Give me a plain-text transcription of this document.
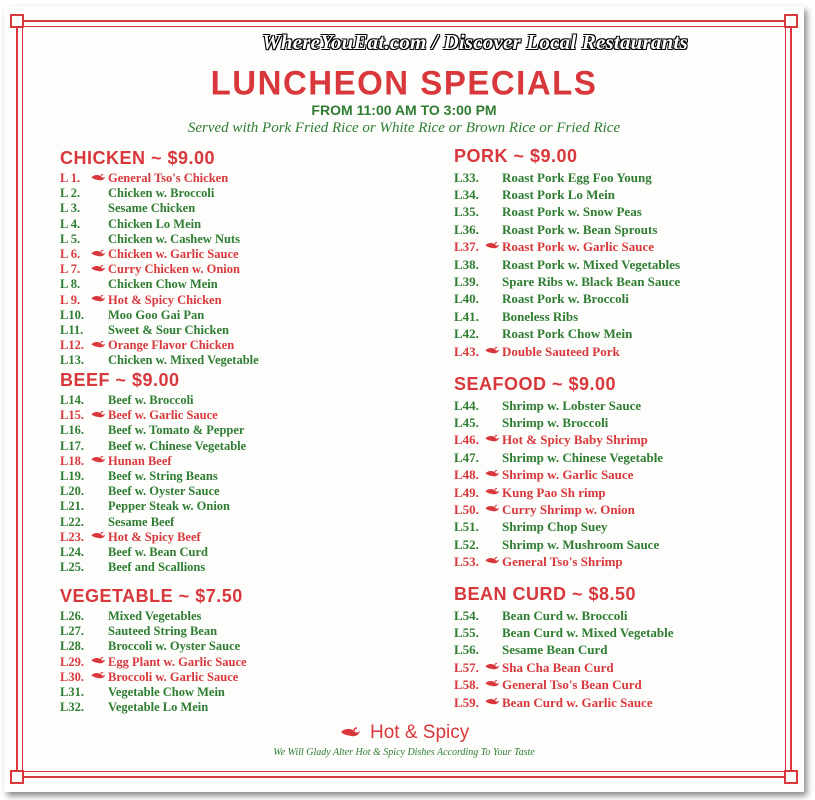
LUNCHEON SPECIALS
FROM 11:00 AM TO 3:00 PM
Served with Pork Fried Rice or White Rice or Brown Rice or Fried Rice
CHICKEN ~ $9.00
L 1.	General Tso's Chicken
L 2.	Chicken w. Broccoli
L 3.	Sesame Chicken
L 4.	Chicken Lo Mein
L 5.	Chicken w. Cashew Nuts
L 6.	Chicken w. Garlic Sauce
L 7.	Curry Chicken w. Onion
L 8.	Chicken Chow Mein
L 9.	Hot & Spicy Chicken
L10.	Moo Goo Gai Pan
L11.	Sweet & Sour Chicken
L12.	Orange Flavor Chicken
L13.	Chicken w. Mixed Vegetable
BEEF ~ $9.00
L14.	Beef w. Broccoli
L15.	Beef w. Garlic Sauce
L16.	Beef w. Tomato & Pepper
L17.	Beef w. Chinese Vegetable
L18.	Hunan Beef
L19.	Beef w. String Beans
L20.	Beef w. Oyster Sauce
L21.	Pepper Steak w. Onion
L22.	Sesame Beef
L23.	Hot & Spicy Beef
L24.	Beef w. Bean Curd
L25.	Beef and Scallions
VEGETABLE ~ $7.50
L26.	Mixed Vegetables
L27.	Sauteed String Bean
L28.	Broccoli w. Oyster Sauce
L29.	Egg Plant w. Garlic Sauce
L30.	Broccoli w. Garlic Sauce
L31.	Vegetable Chow Mein
L32.	Vegetable Lo Mein
PORK ~ $9.00
L33.	Roast Pork Egg Foo Young
L34.	Roast Pork Lo Mein
L35.	Roast Pork w. Snow Peas
L36.	Roast Pork w. Bean Sprouts
L37.	Roast Pork w. Garlic Sauce
L38.	Roast Pork w. Mixed Vegetables
L39.	Spare Ribs w. Black Bean Sauce
L40.	Roast Pork w. Broccoli
L41.	Boneless Ribs
L42.	Roast Pork Chow Mein
L43.	Double Sauteed Pork
SEAFOOD ~ $9.00
L44.	Shrimp w. Lobster Sauce
L45.	Shrimp w. Broccoli
L46.	Hot & Spicy Baby Shrimp
L47.	Shrimp w. Chinese Vegetable
L48.	Shrimp w. Garlic Sauce
L49.	Kung Pao Sh rimp
L50.	Curry Shrimp w. Onion
L51.	Shrimp Chop Suey
L52.	Shrimp w. Mushroom Sauce
L53.	General Tso's Shrimp
BEAN CURD ~ $8.50
L54.	Bean Curd w. Broccoli
L55.	Bean Curd w. Mixed Vegetable
L56.	Sesame Bean Curd
L57.	Sha Cha Bean Curd
L58.	General Tso's Bean Curd
L59.	Bean Curd w. Garlic Sauce
Hot & Spicy
We Will Glady Alter Hot & Spicy Dishes According To Your Taste
WhereYouEat.com / Discover Local Restaurants
